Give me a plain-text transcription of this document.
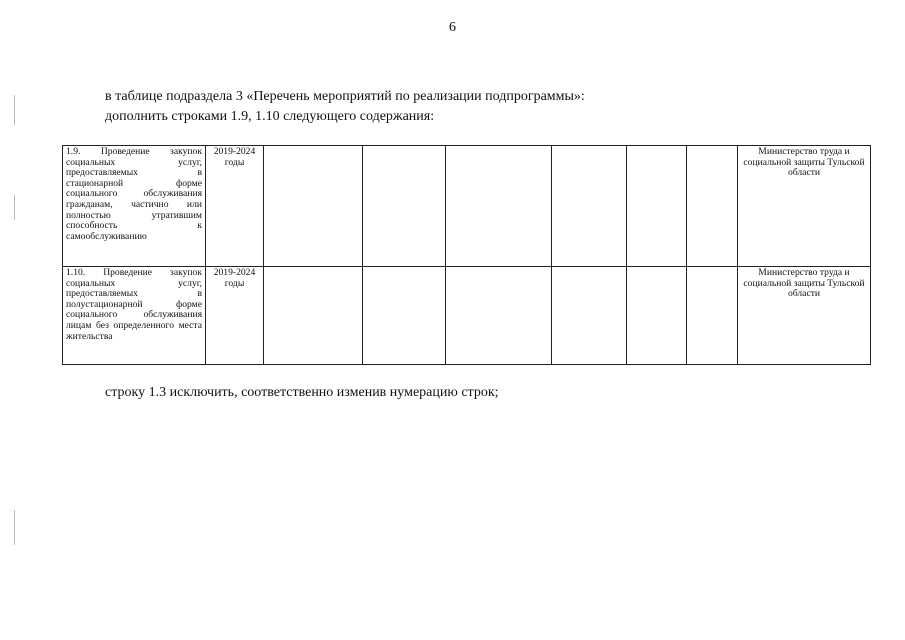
6
в таблице подраздела 3 «Перечень мероприятий по реализации подпрограммы»:
дополнить строками 1.9, 1.10 следующего содержания:
1.9. Проведение закупок социальных услуг, предоставляемых в стационарной форме социального обслуживания гражданам, частично или полностью утратившим способность к самообслуживанию	2019-2024 годы							Министерство труда и социальной защиты Тульской области
1.10. Проведение закупок социальных услуг, предоставляемых в полустационарной форме социального обслуживания лицам без определенного места жительства	2019-2024 годы							Министерство труда и социальной защиты Тульской области
строку 1.3 исключить, соответственно изменив нумерацию строк;
